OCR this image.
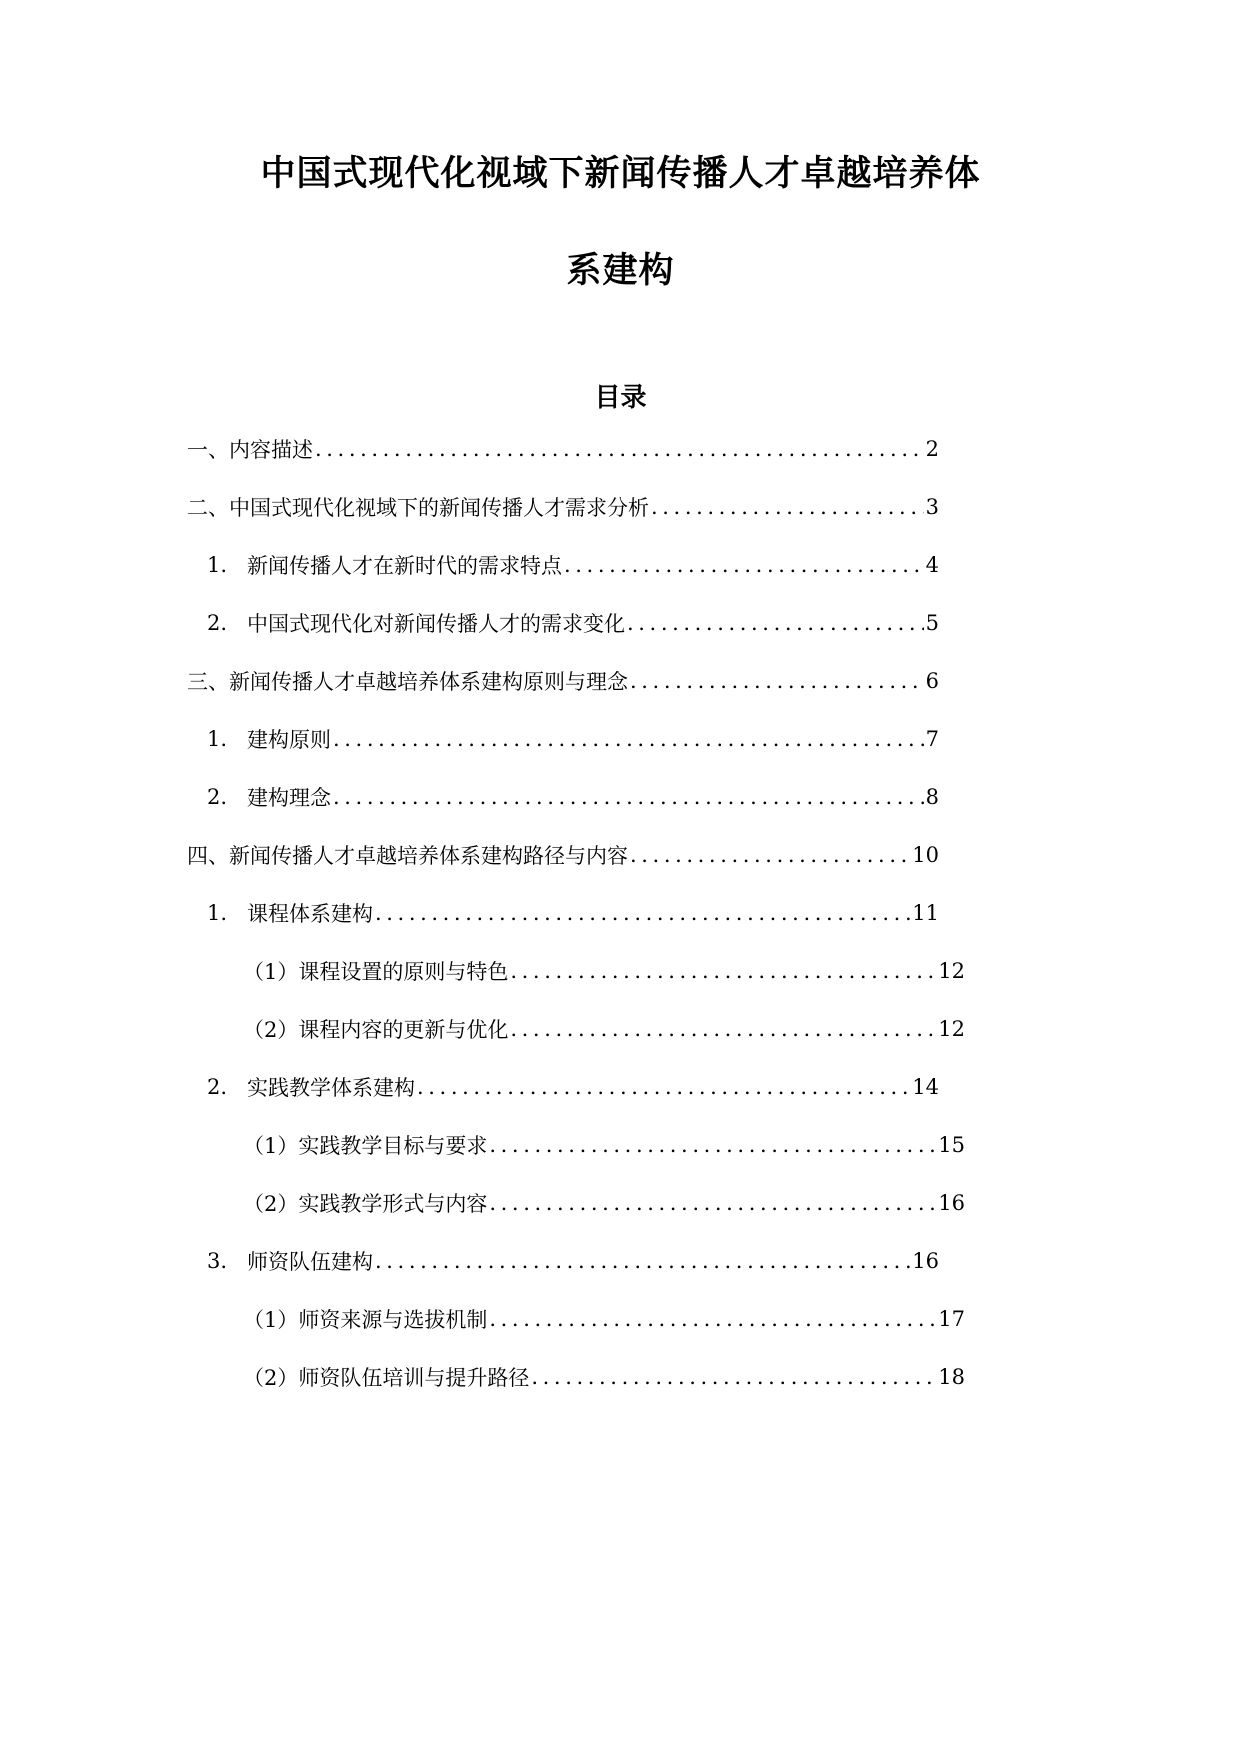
中国式现代化视域下新闻传播人才卓越培养体
系建构
目录
一、内容描述 .....	2
二、中国式现代化视域下的新闻传播人才需求分析 .....	3
1. 新闻传播人才在新时代的需求特点 .....	4
2. 中国式现代化对新闻传播人才的需求变化 .....	5
三、新闻传播人才卓越培养体系建构原则与理念 .....	6
1. 建构原则 .....	7
2. 建构理念 .....	8
四、新闻传播人才卓越培养体系建构路径与内容 .....	10
1. 课程体系建构 .....	11
（1）课程设置的原则与特色 .....	12
（2）课程内容的更新与优化 .....	12
2. 实践教学体系建构 .....	14
（1）实践教学目标与要求 .....	15
（2）实践教学形式与内容 .....	16
3. 师资队伍建构 .....	16
（1）师资来源与选拔机制 .....	17
（2）师资队伍培训与提升路径 .....	18
